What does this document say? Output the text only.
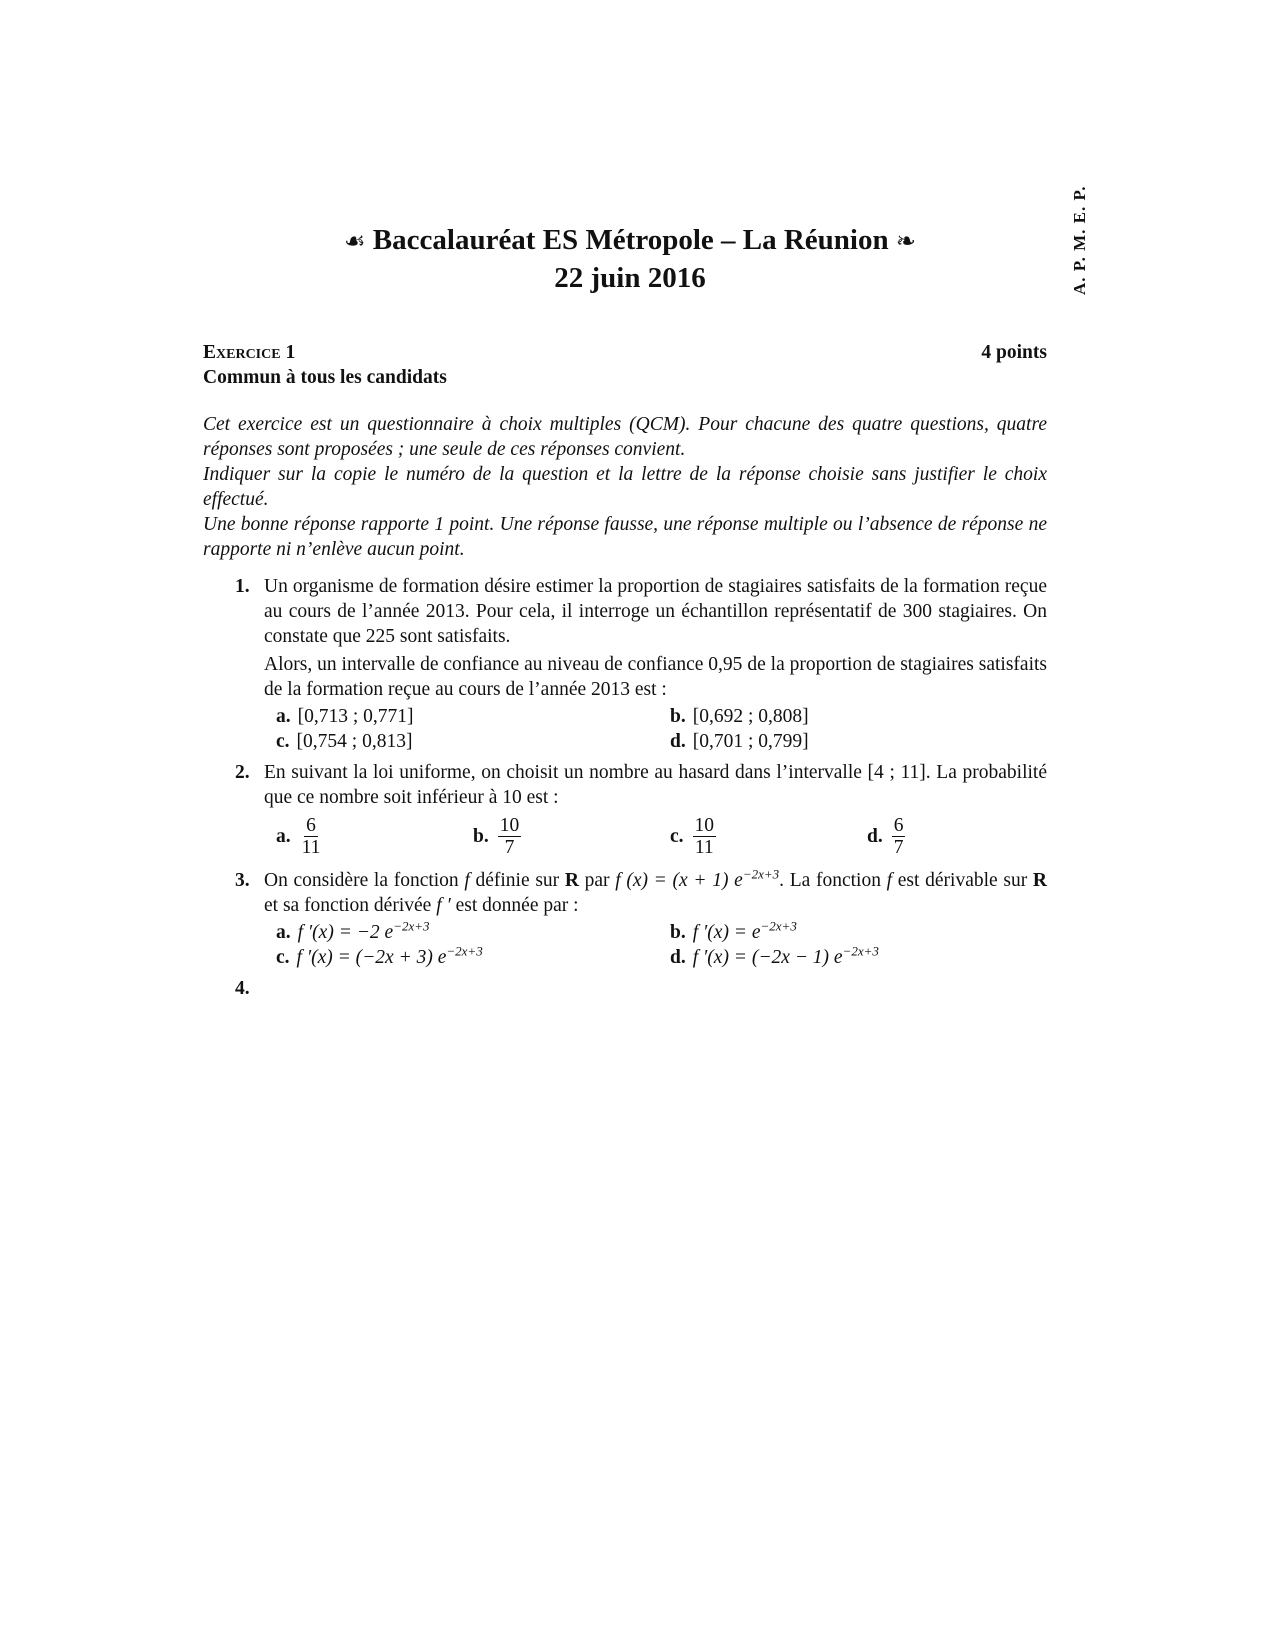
A. P. M. E. P.
☙ Baccalauréat ES Métropole – La Réunion ❧
22 juin 2016
Exercice 1	4 points
Commun à tous les candidats

Cet exercice est un questionnaire à choix multiples (QCM). Pour chacune des quatre questions, quatre réponses sont proposées ; une seule de ces réponses convient.

Indiquer sur la copie le numéro de la question et la lettre de la réponse choisie sans justifier le choix effectué.

Une bonne réponse rapporte 1 point. Une réponse fausse, une réponse multiple ou l’absence de réponse ne rapporte ni n’enlève aucun point.

1. Un organisme de formation désire estimer la proportion de stagiaires satisfaits de la formation reçue au cours de l’année 2013. Pour cela, il interroge un échantillon représentatif de 300 stagiaires. On constate que 225 sont satisfaits.

Alors, un intervalle de confiance au niveau de confiance 0,95 de la proportion de stagiaires satisfaits de la formation reçue au cours de l’année 2013 est :

a. [0,713 ; 0,771]	b. [0,692 ; 0,808]
c. [0,754 ; 0,813]	d. [0,701 ; 0,799]
2. En suivant la loi uniforme, on choisit un nombre au hasard dans l’intervalle [4 ; 11]. La probabilité que ce nombre soit inférieur à 10 est :

a. $\frac{6}{11}$	b. $\frac{10}{7}$	c. $\frac{10}{11}$	d. $\frac{6}{7}$
3. On considère la fonction f définie sur R par f (x) = (x + 1) $e^{-2x+3}$. La fonction f est dérivable sur R et sa fonction dérivée f ′ est donnée par :

a. f ′(x) = −2 $e^{-2x+3}$	b. f $'(x) = e^{-2x+3}$
c. f ′(x) = (−2x + 3) $e^{-2x+3}$	d. f ′(x) = (−2x − 1) $e^{-2x+3}$
4.
